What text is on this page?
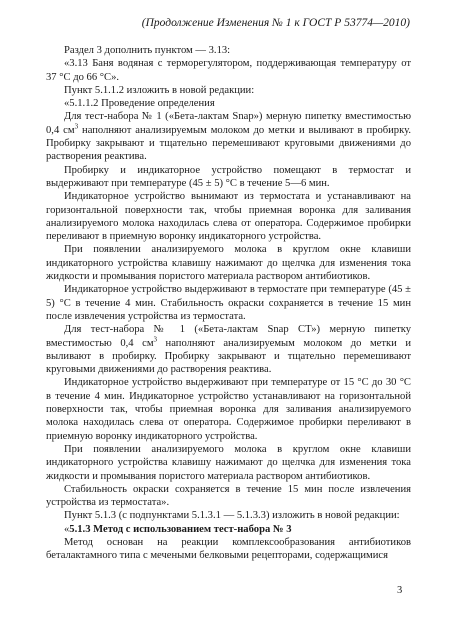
(Продолжение Изменения № 1 к ГОСТ Р 53774—2010)

Раздел 3 дополнить пунктом — 3.13:

«3.13 Баня водяная с терморегулятором, поддерживающая температуру от 37 °С до 66 °С».

Пункт 5.1.1.2 изложить в новой редакции:

«5.1.1.2 Проведение определения

Для тест-набора № 1 («Бета-лактам Snap») мерную пипетку вместимостью 0,4 $см^3$ наполняют анализируемым молоком до метки и выливают в пробирку. Пробирку закрывают и тщательно перемешивают круговыми движениями до растворения реактива.

Пробирку и индикаторное устройство помещают в термостат и выдерживают при температуре (45 ± 5) °С в течение 5—6 мин.

Индикаторное устройство вынимают из термостата и устанавливают на горизонтальной поверхности так, чтобы приемная воронка для заливания анализируемого молока находилась слева от оператора. Содержимое пробирки переливают в приемную воронку индикаторного устройства.

При появлении анализируемого молока в круглом окне клавиши индикаторного устройства клавишу нажимают до щелчка для изменения тока жидкости и промывания пористого материала раствором антибиотиков.

Индикаторное устройство выдерживают в термостате при температуре (45 ± 5) °С в течение 4 мин. Стабильность окраски сохраняется в течение 15 мин после извлечения устройства из термостата.

Для тест-набора № 1 («Бета-лактам Snap СТ») мерную пипетку вместимостью 0,4 $см^3$ наполняют анализируемым молоком до метки и выливают в пробирку. Пробирку закрывают и тщательно перемешивают круговыми движениями до растворения реактива.

Индикаторное устройство выдерживают при температуре от 15 °С до 30 °С в течение 4 мин. Индикаторное устройство устанавливают на горизонтальной поверхности так, чтобы приемная воронка для заливания анализируемого молока находилась слева от оператора. Содержимое пробирки переливают в приемную воронку индикаторного устройства.

При появлении анализируемого молока в круглом окне клавиши индикаторного устройства клавишу нажимают до щелчка для изменения тока жидкости и промывания пористого материала раствором антибиотиков.

Стабильность окраски сохраняется в течение 15 мин после извлечения устройства из термостата».

Пункт 5.1.3 (с подпунктами 5.1.3.1 — 5.1.3.3) изложить в новой редакции:

«5.1.3 Метод с использованием тест-набора № 3

Метод основан на реакции комплексообразования антибиотиков беталактамного типа с мечеными белковыми рецепторами, содержащимися

3
